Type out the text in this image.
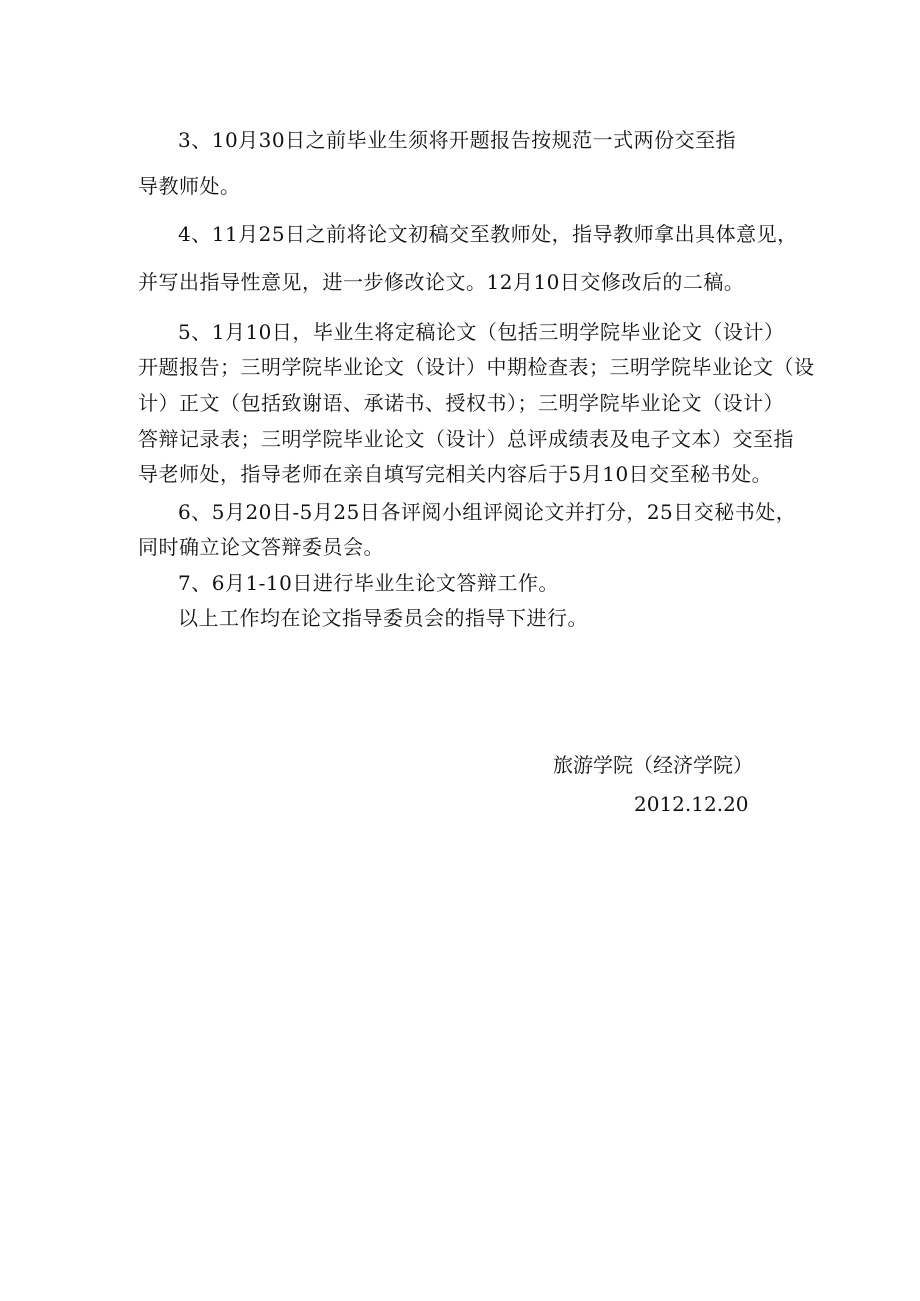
3、10月30日之前毕业生须将开题报告按规范一式两份交至指
导教师处。
4、11月25日之前将论文初稿交至教师处，指导教师拿出具体意见，
并写出指导性意见，进一步修改论文。12月10日交修改后的二稿。
5、1月10日，毕业生将定稿论文（包括三明学院毕业论文（设计）
开题报告；三明学院毕业论文（设计）中期检查表；三明学院毕业论文（设
计）正文（包括致谢语、承诺书、授权书）；三明学院毕业论文（设计）
答辩记录表；三明学院毕业论文（设计）总评成绩表及电子文本）交至指
导老师处，指导老师在亲自填写完相关内容后于5月10日交至秘书处。
6、5月20日-5月25日各评阅小组评阅论文并打分，25日交秘书处，
同时确立论文答辩委员会。
7、6月1-10日进行毕业生论文答辩工作。
以上工作均在论文指导委员会的指导下进行。
旅游学院（经济学院）
2012.12.20
